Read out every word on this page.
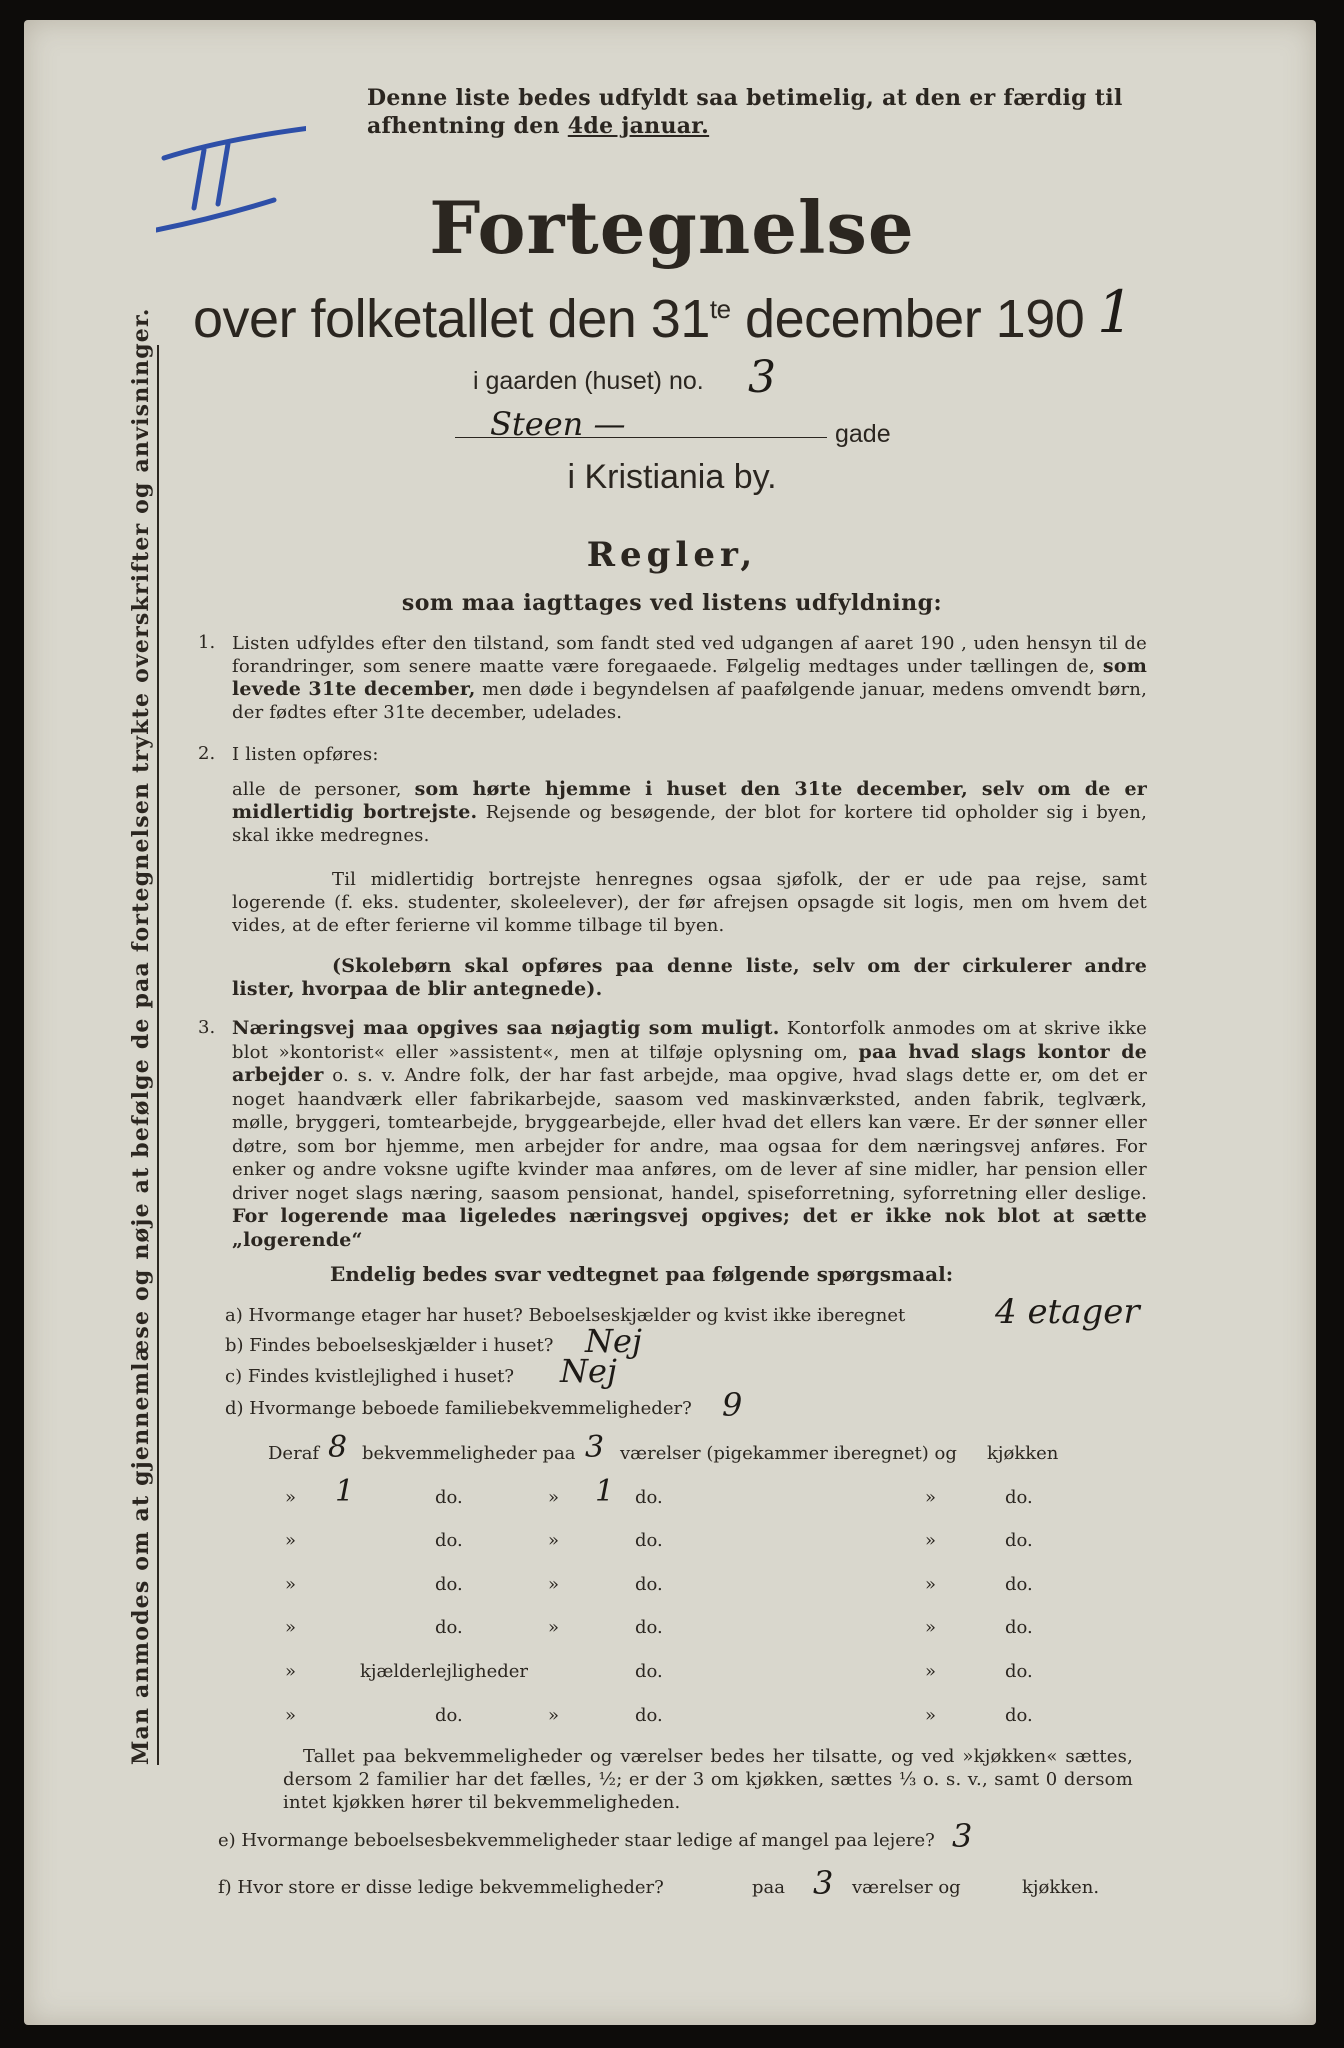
Denne liste bedes udfyldt saa betimelig, at den er færdig til
afhentning den 4de januar.
Fortegnelse
over folketallet den $31^{te}$ december 190 1
i gaarden (huset) no. 3
Steen —	gade
i Kristiania by.
Regler,
som maa iagttages ved listens udfyldning:
1. Listen udfyldes efter den tilstand, som fandt sted ved udgangen af aaret 190 , uden hensyn til de forandringer, som senere maatte være foregaaede. Følgelig medtages under tællingen de, som levede 31te december, men døde i begyndelsen af paafølgende januar, medens omvendt børn, der fødtes efter 31te december, udelades.
2. I listen opføres:
alle de personer, som hørte hjemme i huset den 31te december, selv om de er midlertidig bortrejste. Rejsende og besøgende, der blot for kortere tid opholder sig i byen, skal ikke medregnes.
Til midlertidig bortrejste henregnes ogsaa sjøfolk, der er ude paa rejse, samt logerende (f. eks. studenter, skoleelever), der før afrejsen opsagde sit logis, men om hvem det vides, at de efter ferierne vil komme tilbage til byen.
(Skolebørn skal opføres paa denne liste, selv om der cirkulerer andre lister, hvorpaa de blir antegnede).
3. Næringsvej maa opgives saa nøjagtig som muligt. Kontorfolk anmodes om at skrive ikke blot »kontorist« eller »assistent«, men at tilføje oplysning om, paa hvad slags kontor de arbejder o. s. v. Andre folk, der har fast arbejde, maa opgive, hvad slags dette er, om det er noget haandværk eller fabrikarbejde, saasom ved maskinværksted, anden fabrik, teglværk, mølle, bryggeri, tomtearbejde, bryggearbejde, eller hvad det ellers kan være. Er der sønner eller døtre, som bor hjemme, men arbejder for andre, maa ogsaa for dem næringsvej anføres. For enker og andre voksne ugifte kvinder maa anføres, om de lever af sine midler, har pension eller driver noget slags næring, saasom pensionat, handel, spiseforretning, syforretning eller deslige. For logerende maa ligeledes næringsvej opgives; det er ikke nok blot at sætte „logerende“
Endelig bedes svar vedtegnet paa følgende spørgsmaal:
a) Hvormange etager har huset? Beboelseskjælder og kvist ikke iberegnet	4 etager
b) Findes beboelseskjælder i huset? Nej
c) Findes kvistlejlighed i huset? Nej
d) Hvormange beboede familiebekvemmeligheder? 9
Deraf 8 bekvemmeligheder paa 3 værelser (pigekammer iberegnet) og kjøkken
» 1	do.	» 1 do.	»	do.
»	do.	»	do.	»	do.
»	do.	»	do.	»	do.
»	do.	»	do.	»	do.
»	kjælderlejligheder	do.	»	do.
»	do.	»	do.	»	do.
Tallet paa bekvemmeligheder og værelser bedes her tilsatte, og ved »kjøkken« sættes, dersom 2 familier har det fælles, ½; er der 3 om kjøkken, sættes ⅓ o. s. v., samt 0 dersom intet kjøkken hører til bekvemmeligheden.
e) Hvormange beboelsesbekvemmeligheder staar ledige af mangel paa lejere? 3
f) Hvor store er disse ledige bekvemmeligheder?	paa 3 værelser og	kjøkken.
Man anmodes om at gjennemlæse og nøje at befølge de paa fortegnelsen trykte overskrifter og anvisninger.
